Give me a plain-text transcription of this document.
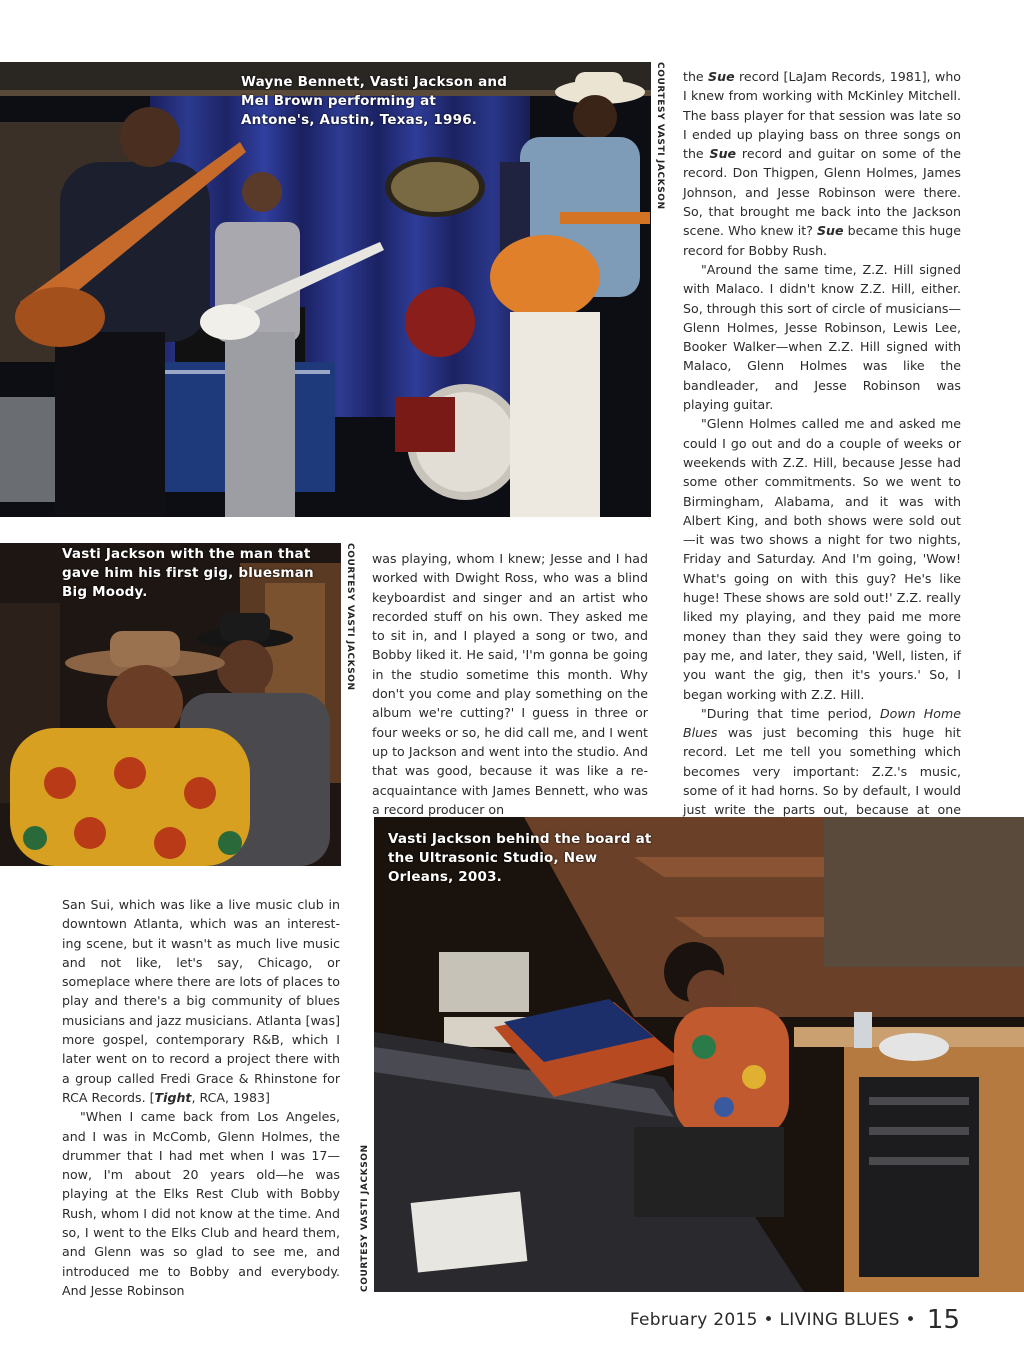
Wayne Bennett, Vasti Jackson and Mel Brown performing at Antone's, Austin, Texas, 1996.	COURTESY VASTI JACKSON the Sue record [LaJam Records, 1981], who I knew from working with McKinley Mitchell. The bass player for that session was late so I ended up playing bass on three songs on the Sue record and guitar on some of the record. Don Thigpen, Glenn Holmes, James Johnson, and Jesse Robinson were there. So, that brought me back into the Jackson scene. Who knew it? Sue became this huge record for Bobby Rush.

"Around the same time, Z.Z. Hill signed with Malaco. I didn't know Z.Z. Hill, either. So, through this sort of circle of musicians—Glenn Holmes, Jesse Robinson, Lewis Lee, Booker Walker—when Z.Z. Hill signed with Malaco, Glenn Holmes was like the bandleader, and Jesse Robinson was playing guitar.

"Glenn Holmes called me and asked me could I go out and do a couple of weeks or weekends with Z.Z. Hill, because Jesse had some other commitments. So we went to Birmingham, Alabama, and it was with Albert King, and both shows were sold out—it was two shows a night for two nights, Friday and Saturday. And I'm going, 'Wow! What's going on with this guy? He's like huge! These shows are sold out!' Z.Z. really liked my playing, and they paid me more money than they said they were going to pay me, and later, they said, 'Well, listen, if you want the gig, then it's yours.' So, I began working with Z.Z. Hill.

"During that time period, Down Home Blues was just becoming this huge hit record. Let me tell you something which becomes very important: Z.Z.'s music, some of it had horns. So by default, I would just write the parts out, because at one

Vasti Jackson with the man that gave him his first gig, bluesman Big Moody.	COURTESY VASTI JACKSON was playing, whom I knew; Jesse and I had worked with Dwight Ross, who was a blind keyboardist and singer and an artist who recorded stuff on his own. They asked me to sit in, and I played a song or two, and Bobby liked it. He said, 'I'm gonna be going in the studio sometime this month. Why don't you come and play something on the album we're cutting?' I guess in three or four weeks or so, he did call me, and I went up to Jackson and went into the studio. And that was good, because it was like a re-acquaintance with James Bennett, who was a record producer on

Vasti Jackson behind the board at the Ultrasonic Studio, New Orleans, 2003.
COURTESY VASTI JACKSON

San Sui, which was like a live music club in downtown Atlanta, which was an interesting scene, but it wasn't as much live music and not like, let's say, Chicago, or someplace where there are lots of places to play and there's a big community of blues musicians and jazz musicians. Atlanta [was] more gospel, contemporary R&B, which I later went on to record a project there with a group called Fredi Grace & Rhinstone for RCA Records. [Tight, RCA, 1983]

"When I came back from Los Angeles, and I was in McComb, Glenn Holmes, the drummer that I had met when I was 17—now, I'm about 20 years old—he was playing at the Elks Rest Club with Bobby Rush, whom I did not know at the time. And so, I went to the Elks Club and heard them, and Glenn was so glad to see me, and introduced me to Bobby and everybody. And Jesse Robinson

February 2015 • LIVING BLUES • 15
